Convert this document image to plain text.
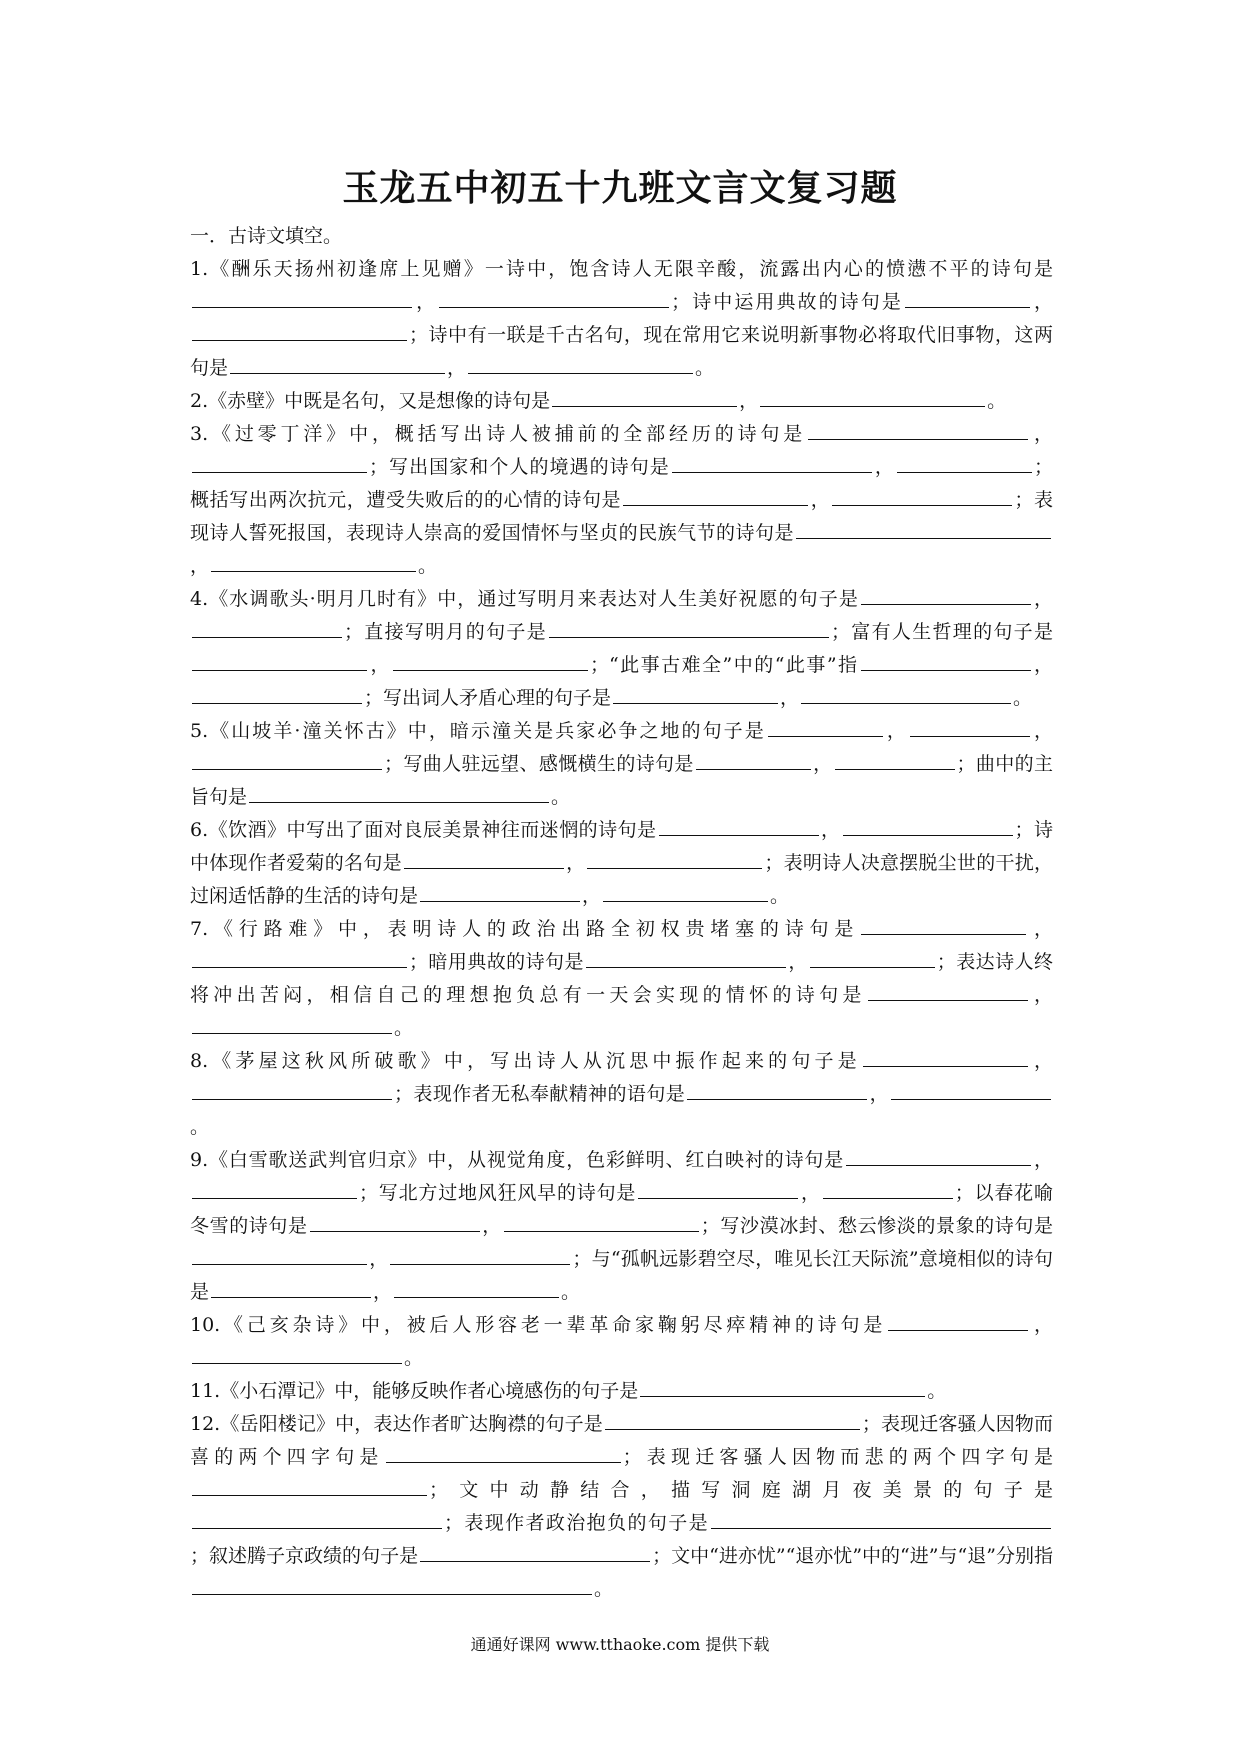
玉龙五中初五十九班文言文复习题

一．古诗文填空。

1.《酬乐天扬州初逢席上见赠》一诗中，饱含诗人无限辛酸，流露出内心的愤懑不平的诗句是，	；诗中运用典故的诗句是	，；诗中有一联是千古名句，现在常用它来说明新事物必将取代旧事物，这两句是	，	。

2.《赤壁》中既是名句，又是想像的诗句是	，	。

3.《过零丁洋》中，概括写出诗人被捕前的全部经历的诗句是	，；写出国家和个人的境遇的诗句是	，	；概括写出两次抗元，遭受失败后的的心情的诗句是	，	；表现诗人誓死报国，表现诗人崇高的爱国情怀与坚贞的民族气节的诗句是，	。

4.《水调歌头·明月几时有》中，通过写明月来表达对人生美好祝愿的句子是	，；直接写明月的句子是	；富有人生哲理的句子是，	；“此事古难全”中的“此事”指	，；写出词人矛盾心理的句子是	，	。

5.《山坡羊·潼关怀古》中，暗示潼关是兵家必争之地的句子是	，	，；写曲人驻远望、感慨横生的诗句是	，	；曲中的主旨句是	。

6.《饮酒》中写出了面对良辰美景神往而迷惘的诗句是	，	；诗中体现作者爱菊的名句是	，	；表明诗人决意摆脱尘世的干扰，过闲适恬静的生活的诗句是	，	。

7.《行路难》中，表明诗人的政治出路全初权贵堵塞的诗句是	，；暗用典故的诗句是	，	；表达诗人终将冲出苦闷，相信自己的理想抱负总有一天会实现的情怀的诗句是	，。

8.《茅屋这秋风所破歌》中，写出诗人从沉思中振作起来的句子是	，；表现作者无私奉献精神的语句是	，。

9.《白雪歌送武判官归京》中，从视觉角度，色彩鲜明、红白映衬的诗句是	，；写北方过地风狂风早的诗句是	，	；以春花喻冬雪的诗句是	，	；写沙漠冰封、愁云惨淡的景象的诗句是，	；与“孤帆远影碧空尽，唯见长江天际流”意境相似的诗句是	，	。

10.《己亥杂诗》中，被后人形容老一辈革命家鞠躬尽瘁精神的诗句是	，。

11.《小石潭记》中，能够反映作者心境感伤的句子是	。

12.《岳阳楼记》中，表达作者旷达胸襟的句子是	；表现迁客骚人因物而喜的两个四字句是	；表现迁客骚人因物而悲的两个四字句是；文中动静结合，描写洞庭湖月夜美景的句子是；表现作者政治抱负的句子是；叙述腾子京政绩的句子是	；文中“进亦忧”“退亦忧”中的“进”与“退”分别指。

通通好课网 www.tthaoke.com 提供下载
